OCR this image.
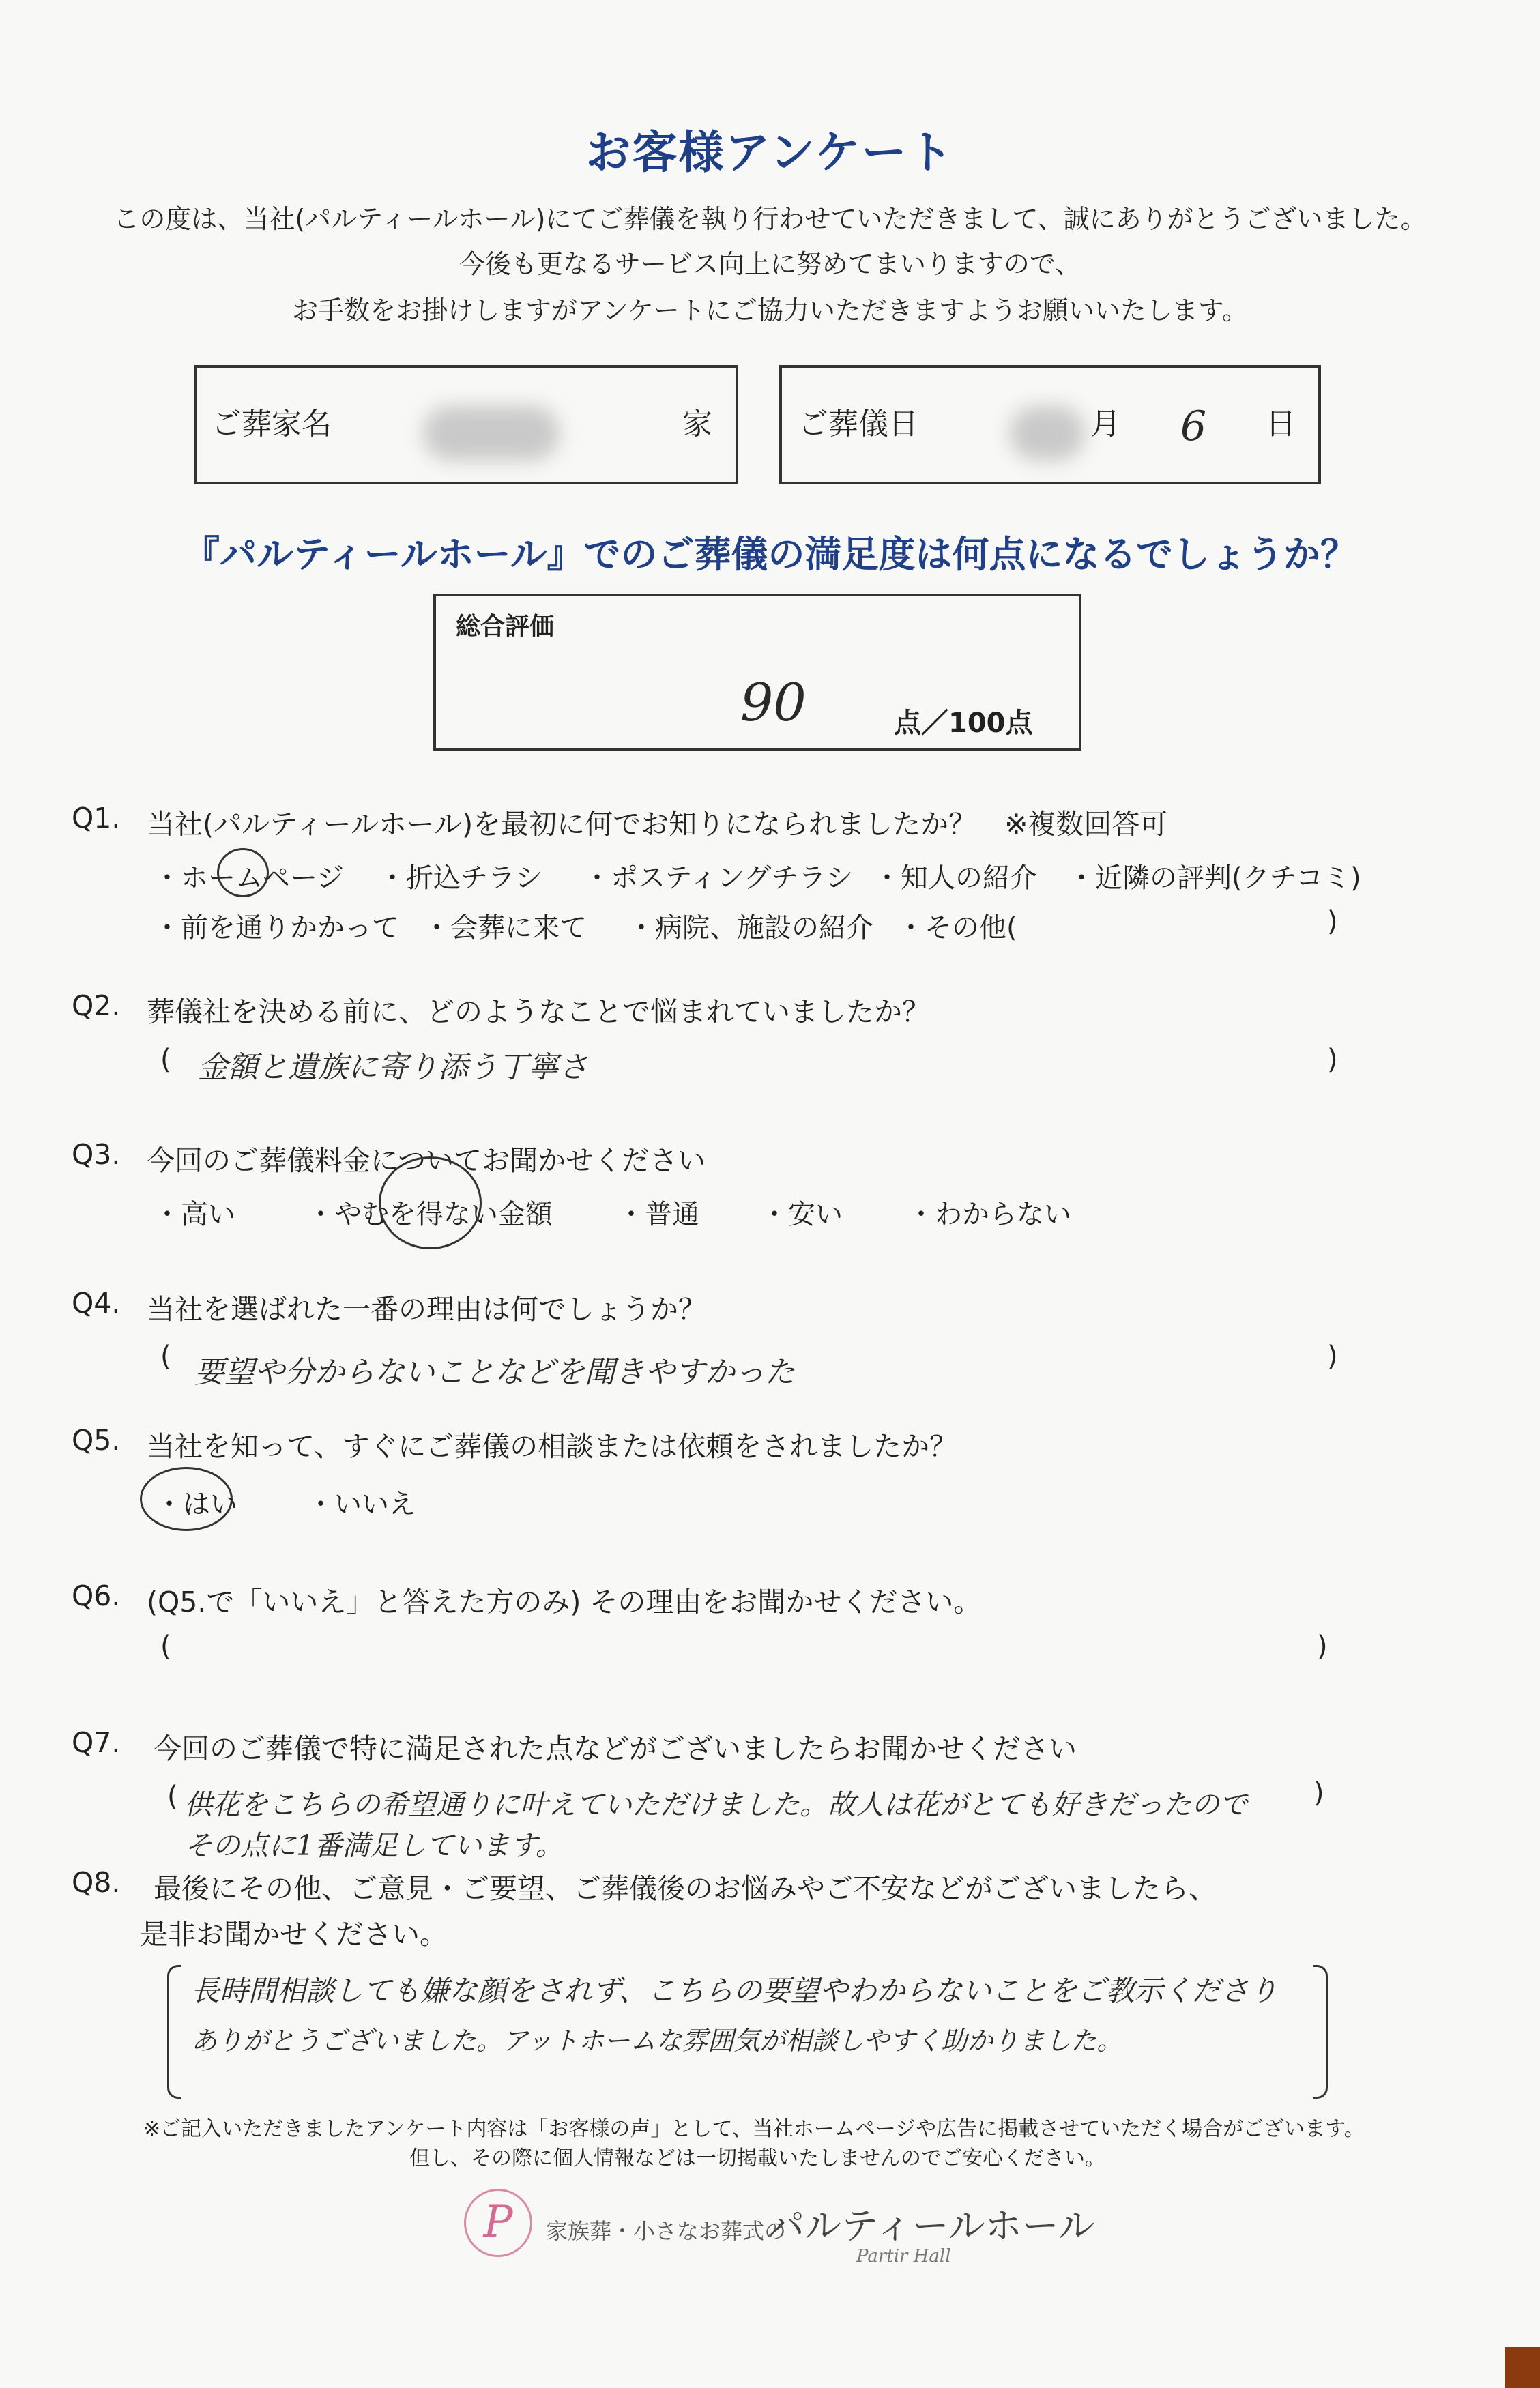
お客様アンケート
この度は、当社(パルティールホール)にてご葬儀を執り行わせていただきまして、誠にありがとうございました。
今後も更なるサービス向上に努めてまいりますので、
お手数をお掛けしますがアンケートにご協力いただきますようお願いいたします。
ご葬家名	家	ご葬儀日	月 6 日
『パルティールホール』でのご葬儀の満足度は何点になるでしょうか？
総合評価
90	点／100点
Q1. 当社(パルティールホール)を最初に何でお知りになられましたか？　※複数回答可
・ホームページ ・折込チラシ ・ポスティングチラシ ・知人の紹介 ・近隣の評判(クチコミ)
・前を通りかかって ・会葬に来て ・病院、施設の紹介 ・その他(	)
Q2. 葬儀社を決める前に、どのようなことで悩まれていましたか？
( 金額と遺族に寄り添う丁寧さ	)
Q3. 今回のご葬儀料金についてお聞かせください
・高い	・やむを得ない金額 ・普通 ・安い ・わからない
Q4. 当社を選ばれた一番の理由は何でしょうか？
( 要望や分からないことなどを聞きやすかった	)
Q5. 当社を知って、すぐにご葬儀の相談または依頼をされましたか？
・はい	・いいえ
Q6. (Q5.で「いいえ」と答えた方のみ) その理由をお聞かせください。
(	)
Q7. 今回のご葬儀で特に満足された点などがございましたらお聞かせください
( 供花をこちらの希望通りに叶えていただけました。故人は花がとても好きだったので
その点に1番満足しています。
)
Q8. 最後にその他、ご意見・ご要望、ご葬儀後のお悩みやご不安などがございましたら、
是非お聞かせください。
長時間相談しても嫌な顔をされず、こちらの要望やわからないことをご教示くださり
ありがとうございました。アットホームな雰囲気が相談しやすく助かりました。
※ご記入いただきましたアンケート内容は「お客様の声」として、当社ホームページや広告に掲載させていただく場合がございます。
但し、その際に個人情報などは一切掲載いたしませんのでご安心ください。
P	家族葬・小さなお葬式の
パルティールホール
Partir Hall
